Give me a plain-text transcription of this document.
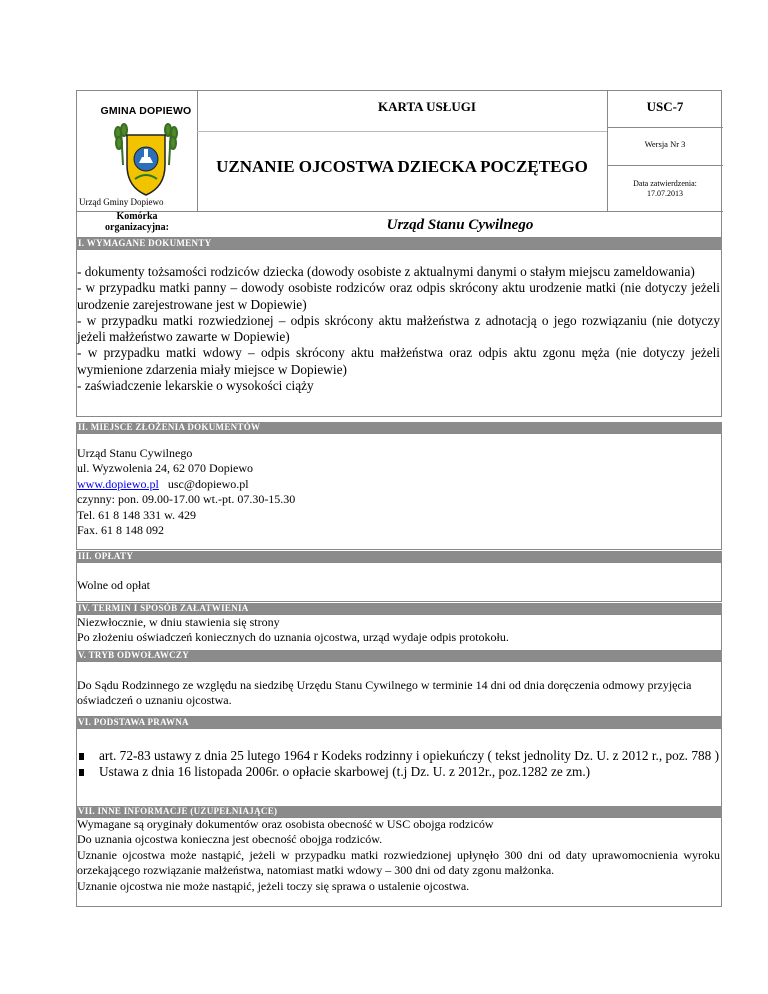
GMINA DOPIEWO
Urząd Gminy Dopiewo
KARTA USŁUGI	USC-7
Wersja Nr 3
UZNANIE OJCOSTWA DZIECKA POCZĘTEGO
Data zatwierdzenia:
17.07.2013
Komórka
organizacyjna:	Urząd Stanu Cywilnego
I. WYMAGANE DOKUMENTY

- dokumenty tożsamości rodziców dziecka (dowody osobiste z aktualnymi danymi o stałym miejscu zameldowania)

- w przypadku matki panny – dowody osobiste rodziców oraz odpis skrócony aktu urodzenie matki (nie dotyczy jeżeli urodzenie zarejestrowane jest w Dopiewie)

- w przypadku matki rozwiedzionej – odpis skrócony aktu małżeństwa z adnotacją o jego rozwiązaniu (nie dotyczy jeżeli małżeństwo zawarte w Dopiewie)

- w przypadku matki wdowy – odpis skrócony aktu małżeństwa oraz odpis aktu zgonu męża (nie dotyczy jeżeli wymienione zdarzenia miały miejsce w Dopiewie)

- zaświadczenie lekarskie o wysokości ciąży

II. MIEJSCE ZŁOŻENIA DOKUMENTÓW

Urząd Stanu Cywilnego

ul. Wyzwolenia 24, 62 070 Dopiewo

www.dopiewo.pl usc@dopiewo.pl

czynny: pon. 09.00-17.00 wt.-pt. 07.30-15.30

Tel. 61 8 148 331 w. 429

Fax. 61 8 148 092

III. OPŁATY
Wolne od opłat
IV. TERMIN I SPOSÓB ZAŁATWIENIA

Niezwłocznie, w dniu stawienia się strony

Po złożeniu oświadczeń koniecznych do uznania ojcostwa, urząd wydaje odpis protokołu.

V. TRYB ODWOŁAWCZY
Do Sądu Rodzinnego ze względu na siedzibę Urzędu Stanu Cywilnego w terminie 14 dni od dnia doręczenia odmowy przyjęcia oświadczeń o uznaniu ojcostwa.
VI. PODSTAWA PRAWNA
art. 72-83 ustawy z dnia 25 lutego 1964 r Kodeks rodzinny i opiekuńczy ( tekst jednolity Dz. U. z 2012 r., poz. 788 )
Ustawa z dnia 16 listopada 2006r. o opłacie skarbowej (t.j Dz. U. z 2012r., poz.1282 ze zm.)
VII. INNE INFORMACJE (UZUPEŁNIAJĄCE)

Wymagane są oryginały dokumentów oraz osobista obecność w USC obojga rodziców

Do uznania ojcostwa konieczna jest obecność obojga rodziców.

Uznanie ojcostwa może nastąpić, jeżeli w przypadku matki rozwiedzionej upłynęło 300 dni od daty uprawomocnienia wyroku orzekającego rozwiązanie małżeństwa, natomiast matki wdowy – 300 dni od daty zgonu małżonka.

Uznanie ojcostwa nie może nastąpić, jeżeli toczy się sprawa o ustalenie ojcostwa.
